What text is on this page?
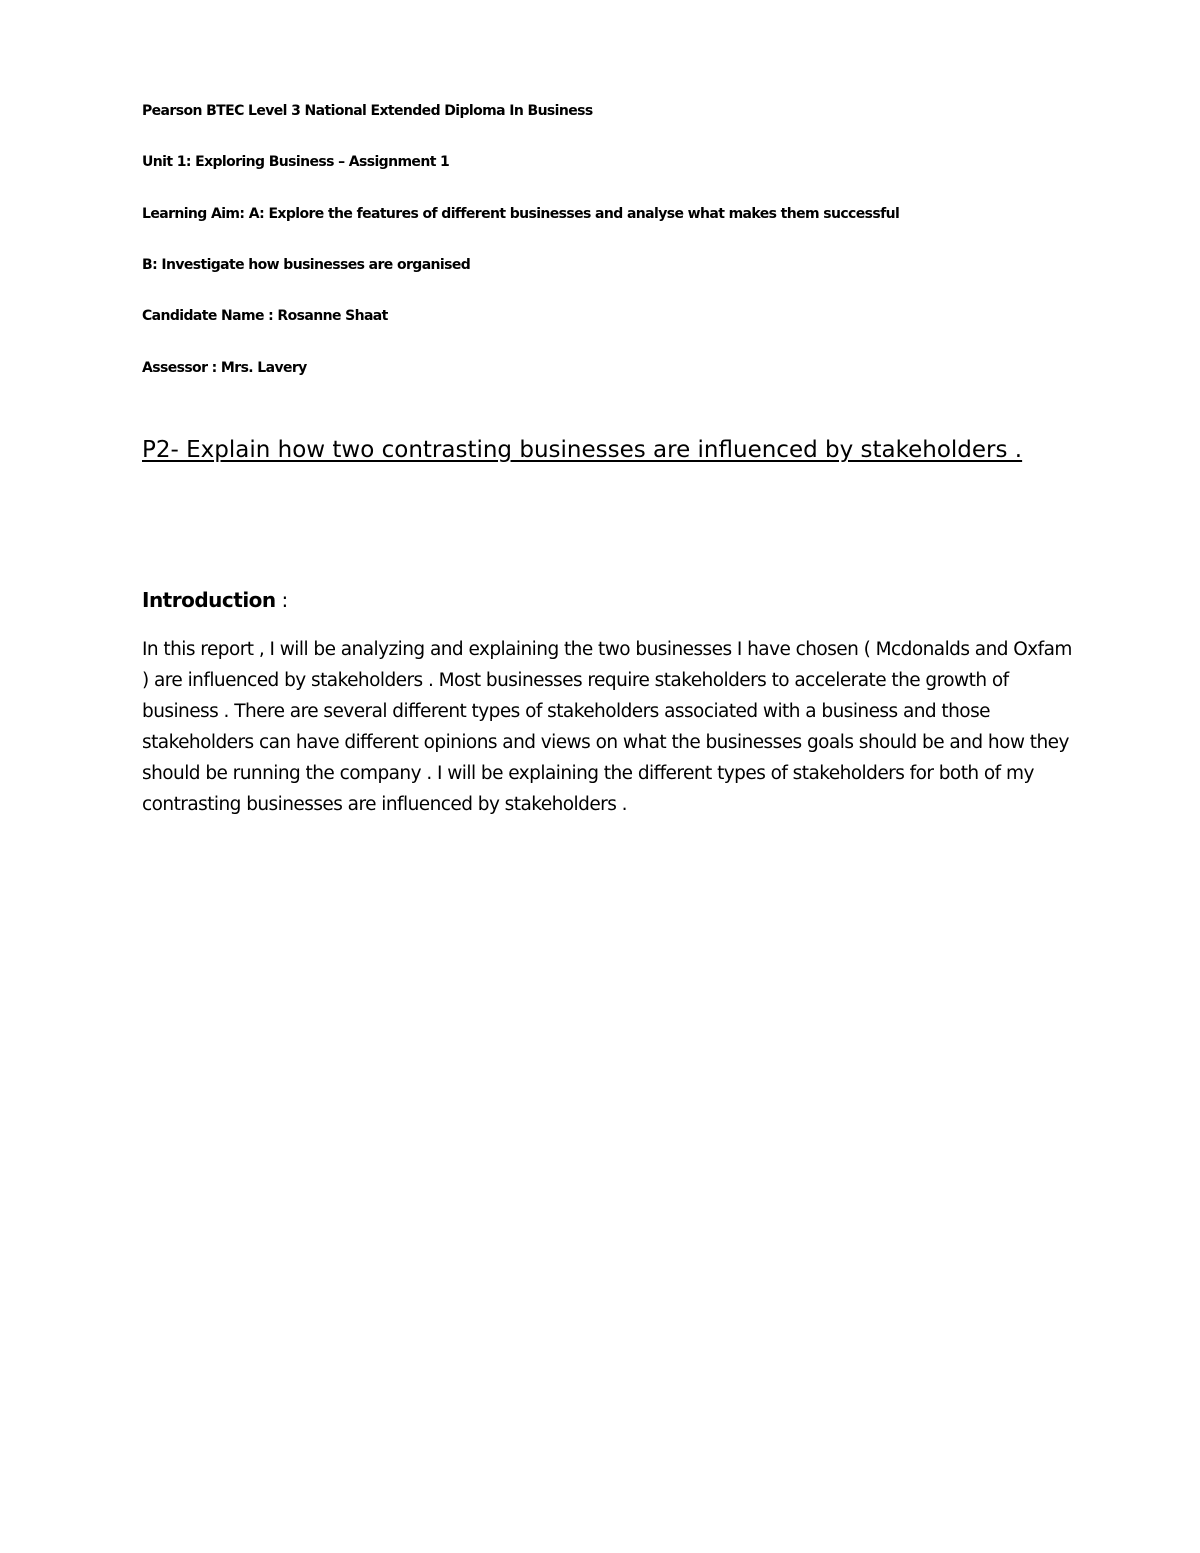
Pearson BTEC Level 3 National Extended Diploma In Business

Unit 1: Exploring Business – Assignment 1

Learning Aim: A: Explore the features of different businesses and analyse what makes them successful

B: Investigate how businesses are organised

Candidate Name : Rosanne Shaat

Assessor : Mrs. Lavery

P2- Explain how two contrasting businesses are influenced by stakeholders .
Introduction :

In this report , I will be analyzing and explaining the two businesses I have chosen ( Mcdonalds and Oxfam ) are influenced by stakeholders . Most businesses require stakeholders to accelerate the growth of business . There are several different types of stakeholders associated with a business and those stakeholders can have different opinions and views on what the businesses goals should be and how they should be running the company . I will be explaining the different types of stakeholders for both of my contrasting businesses are influenced by stakeholders .
